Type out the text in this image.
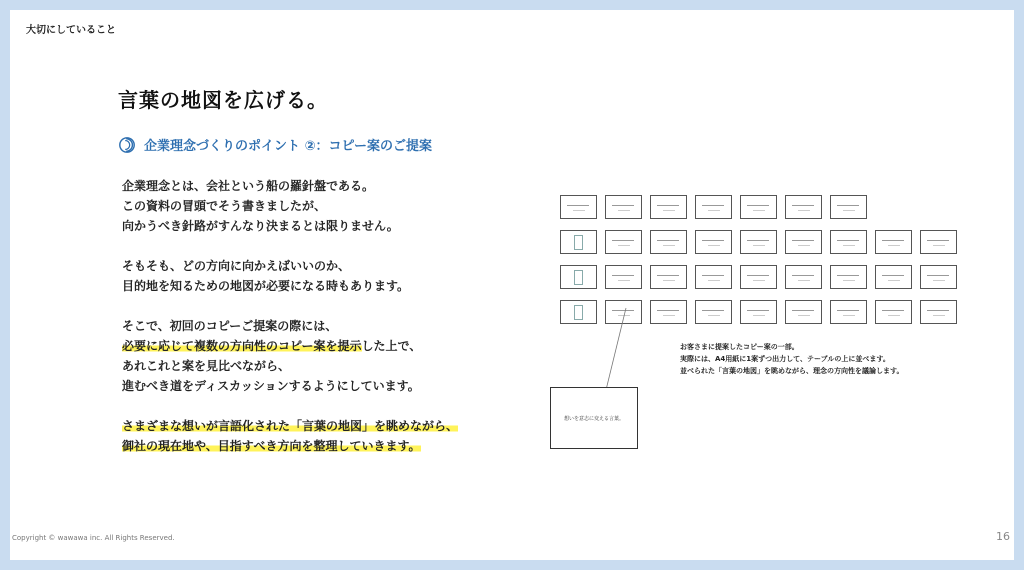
大切にしていること
言葉の地図を広げる。
企業理念づくりのポイント ②：コピー案のご提案
企業理念とは、会社という船の羅針盤である。
この資料の冒頭でそう書きましたが、
向かうべき針路がすんなり決まるとは限りません。
そもそも、どの方向に向かえばいいのか、
目的地を知るための地図が必要になる時もあります。
そこで、初回のコピーご提案の際には、
必要に応じて複数の方向性のコピー案を提示した上で、
あれこれと案を見比べながら、
進むべき道をディスカッションするようにしています。
さまざまな想いが言語化された「言葉の地図」を眺めながら、
御社の現在地や、目指すべき方向を整理していきます。
想いを意志に変える言葉。
お客さまに提案したコピー案の一部。
実際には、A4用紙に1案ずつ出力して、テーブルの上に並べます。
並べられた「言葉の地図」を眺めながら、理念の方向性を議論します。
Copyright © wawawa inc. All Rights Reserved.	16
